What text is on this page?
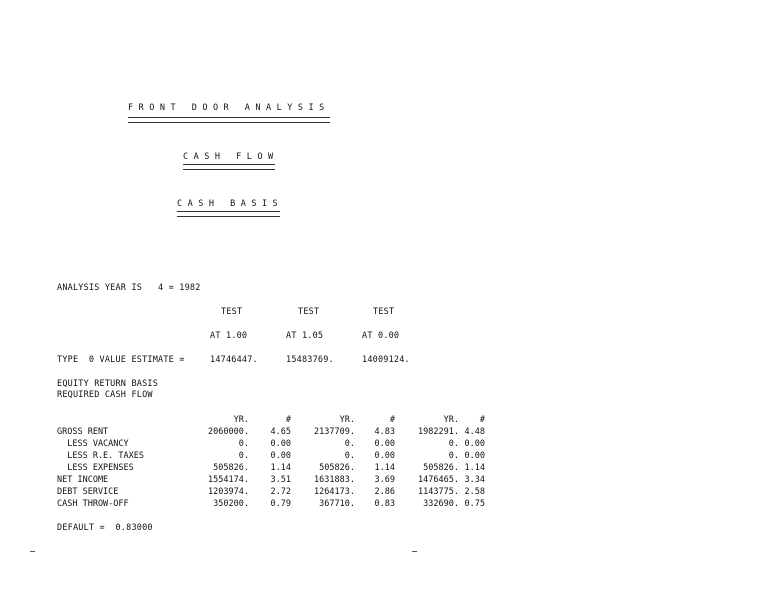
FRONT DOOR ANALYSIS
CASH FLOW
CASH BASIS
ANALYSIS YEAR IS   4 = 1982
TEST	TEST	TEST
AT 1.00	AT 1.05	AT 0.00
TYPE  0 VALUE ESTIMATE =	14746447.	15483769.	14009124.
EQUITY RETURN BASIS
REQUIRED CASH FLOW
	YR.	#	YR.	#	YR.	#
GROSS RENT	2060000.	4.65	2137709.	4.83	1982291.	4.48
LESS VACANCY	0.	0.00	0.	0.00	0.	0.00
LESS R.E. TAXES	0.	0.00	0.	0.00	0.	0.00
LESS EXPENSES	505826.	1.14	505826.	1.14	505826.	1.14
NET INCOME	1554174.	3.51	1631883.	3.69	1476465.	3.34
DEBT SERVICE	1203974.	2.72	1264173.	2.86	1143775.	2.58
CASH THROW-OFF	350200.	0.79	367710.	0.83	332690.	0.75
DEFAULT =  0.83000
